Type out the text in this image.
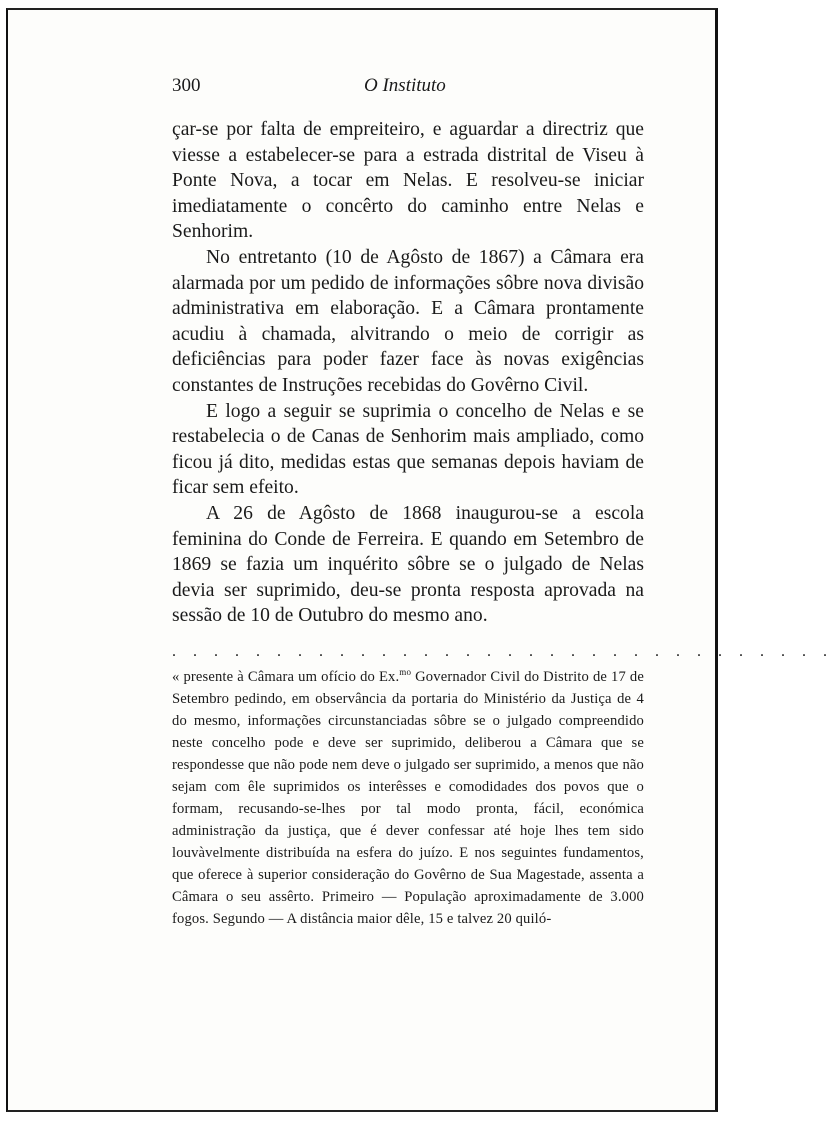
300	O Instituto

çar-se por falta de empreiteiro, e aguardar a directriz que viesse a estabelecer-se para a estrada distrital de Viseu à Ponte Nova, a tocar em Nelas. E resolveu-se iniciar imediatamente o concêrto do caminho entre Nelas e Senhorim.

No entretanto (10 de Agôsto de 1867) a Câmara era alarmada por um pedido de informações sôbre nova divisão administrativa em elaboração. E a Câmara prontamente acudiu à chamada, alvitrando o meio de corrigir as deficiências para poder fazer face às novas exigências constantes de Instruções recebidas do Govêrno Civil.

E logo a seguir se suprimia o concelho de Nelas e se restabelecia o de Canas de Senhorim mais ampliado, como ficou já dito, medidas estas que semanas depois haviam de ficar sem efeito.

A 26 de Agôsto de 1868 inaugurou-se a escola feminina do Conde de Ferreira. E quando em Setembro de 1869 se fazia um inquérito sôbre se o julgado de Nelas devia ser suprimido, deu-se pronta resposta aprovada na sessão de 10 de Outubro do mesmo ano.

. . . . . . . . . . . . . . . . . . . . . . . . . . . . . . . .

« presente à Câmara um ofício do Ex.$^{mo}$ Governador Civil do Distrito de 17 de Setembro pedindo, em observância da portaria do Ministério da Justiça de 4 do mesmo, informações circunstanciadas sôbre se o julgado compreendido neste concelho pode e deve ser suprimido, deliberou a Câmara que se respondesse que não pode nem deve o julgado ser suprimido, a menos que não sejam com êle suprimidos os interêsses e comodidades dos povos que o formam, recusando-se-lhes por tal modo pronta, fácil, económica administração da justiça, que é dever confessar até hoje lhes tem sido louvàvelmente distribuída na esfera do juízo. E nos seguintes fundamentos, que oferece à superior consideração do Govêrno de Sua Magestade, assenta a Câmara o seu assêrto. Primeiro — População aproximadamente de 3.000 fogos. Segundo — A distância maior dêle, 15 e talvez 20 quiló-
